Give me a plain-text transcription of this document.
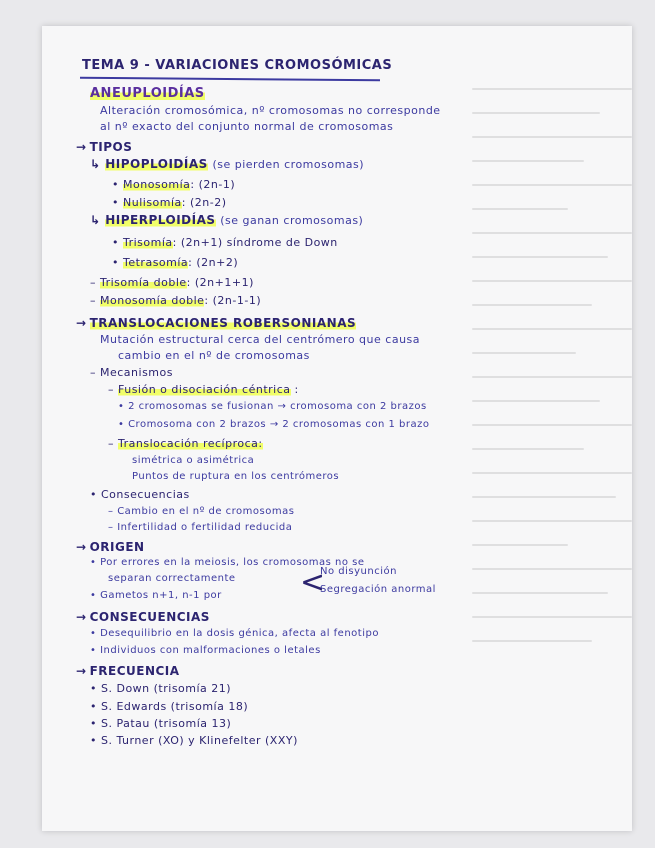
TEMA 9 - VARIACIONES CROMOSÓMICAS
ANEUPLOIDÍAS
Alteración cromosómica, nº cromosomas no corresponde
al nº exacto del conjunto normal de cromosomas
→ TIPOS
↳ HIPOPLOIDÍAS (se pierden cromosomas)
• Monosomía: (2n-1)
• Nulisomía: (2n-2)
↳ HIPERPLOIDÍAS (se ganan cromosomas)
• Trisomía: (2n+1) síndrome de Down
• Tetrasomía: (2n+2)
– Trisomía doble: (2n+1+1)
– Monosomía doble: (2n-1-1)
→ TRANSLOCACIONES ROBERSONIANAS
Mutación estructural cerca del centrómero que causa
cambio en el nº de cromosomas
– Mecanismos
– Fusión o disociación céntrica :
• 2 cromosomas se fusionan → cromosoma con 2 brazos
• Cromosoma con 2 brazos → 2 cromosomas con 1 brazo
– Translocación recíproca:
simétrica o asimétrica
Puntos de ruptura en los centrómeros
• Consecuencias
– Cambio en el nº de cromosomas
– Infertilidad o fertilidad reducida
→ ORIGEN
• Por errores en la meiosis, los cromosomas no se
separan correctamente
• Gametos n+1, n-1 por	<
No disyunción
Segregación anormal
→ CONSECUENCIAS
• Desequilibrio en la dosis génica, afecta al fenotipo
• Individuos con malformaciones o letales
→ FRECUENCIA
• S. Down (trisomía 21)
• S. Edwards (trisomía 18)
• S. Patau (trisomía 13)
• S. Turner (XO) y Klinefelter (XXY)
